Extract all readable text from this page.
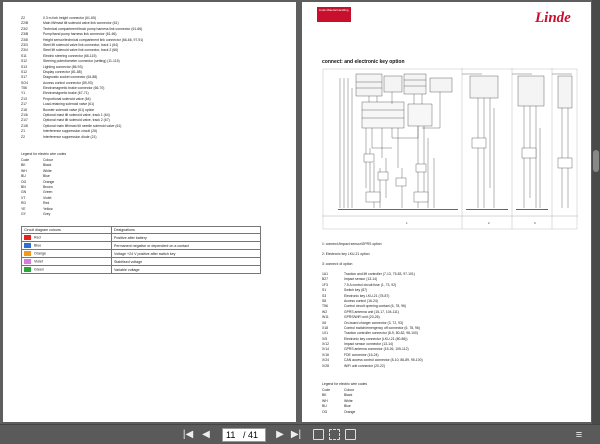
Z2	0.3 m fork height connector (61-65)
Z2/B	Main lift/mast tilt solenoid valve link connector (61)
Z3/2	Technical compartment/truck pump harness link connector (61-66)
Z3/B	Pump/hand pump harness link connector (61-66)
Z3/8	Height sensor/technical compartment link connector (66-66, 97-91)
Z3/3	Steel lift solenoid valve link connector, track 1 (64)
Z3/4	Steel lift solenoid valve link connector, track 2 (66)
S11	Electric steering connector (66-115)
S12	Steering potentiometer connector (setting) (11-115)
S13	Lighting connector (86-93)
S12	Display connector (81-88)
S17	Diagnostic socket connector (64-88)
S/24	Access control connector (89-93)
T56	Electromagnetic brake connector (66-70)
Y1	Electromagnetic brake (67-71)
Z13	Proportional solenoid valve (64)
Z17	Load-retaining solenoid valve (61)
Z18	Booster solenoid valve (61) option
Z1/6	Optional mast tilt solenoid valve, track 1 (64)
Z1/7	Optional mast tilt solenoid valve, track 2 (67)
Z1/8	Optional main lift/mast tilt needle solenoid valve (61)
Z1	Interference suppression circuit (26)
Z2	Interference suppression diode (21)
Legend for electric wire codes
Code	Colour
BK	Black
WH	White
BU	Blue
OG	Orange
BN	Brown
GN	Green
VT	Violet
RD	Red
YE	Yellow
GY	Grey
Circuit diagram colours	Designations
Red	Positive after battery
Blue	Permanent negative or dependent on a contact
Orange	Voltage +24 V positive after switch key
Violet	Stabilised voltage
Green	Variable voltage
Linde Material Handling	Linde
connect: and electronic key option
1	2	3
1: connect:/Impact sensor/GPRS option
2: Electronic key LKU-21 option
3: connect: di option
1A1	Traction and lift controller (7-13, 75-83, 97-101)
B27	Impact sensor (13-14)
1F3	7.5 A control circuit fuse (1, 73, 92)
S1	Switch key (87)
S3	Electronic key LKU-21 (78-87)
S8	Access control (16-24)
T56	Control circuit opening contact (6, 78, 96)
W2	GPRS antenna unit (15-17, 104-111)
W11	GPRS/WiFi unit (20-26)
X6	On-board charger connector (3, 72, 93)
X18	Control switch/emergency off connector (6, 78, 96)
1X1	Traction controller connector (8-9, 80-82, 98-100)
X/5	Electronic key connector (LKU-21 (80-86))
X/12	Impact sensor connector (13-14)
X/14	GPRS antenna connector (15-26, 105-112)
X/16	FDE connector (16-24)
X/24	CAN access control connector (8-10, 86-89, 95-100)
X/28	WiFi unit connector (20-22)
Legend for electric wire codes
Code	Colour
BK	Black
WH	White
BU	Blue
OG	Orange
|◀ ◀
11	/ 41 ▶ ▶|	≡
